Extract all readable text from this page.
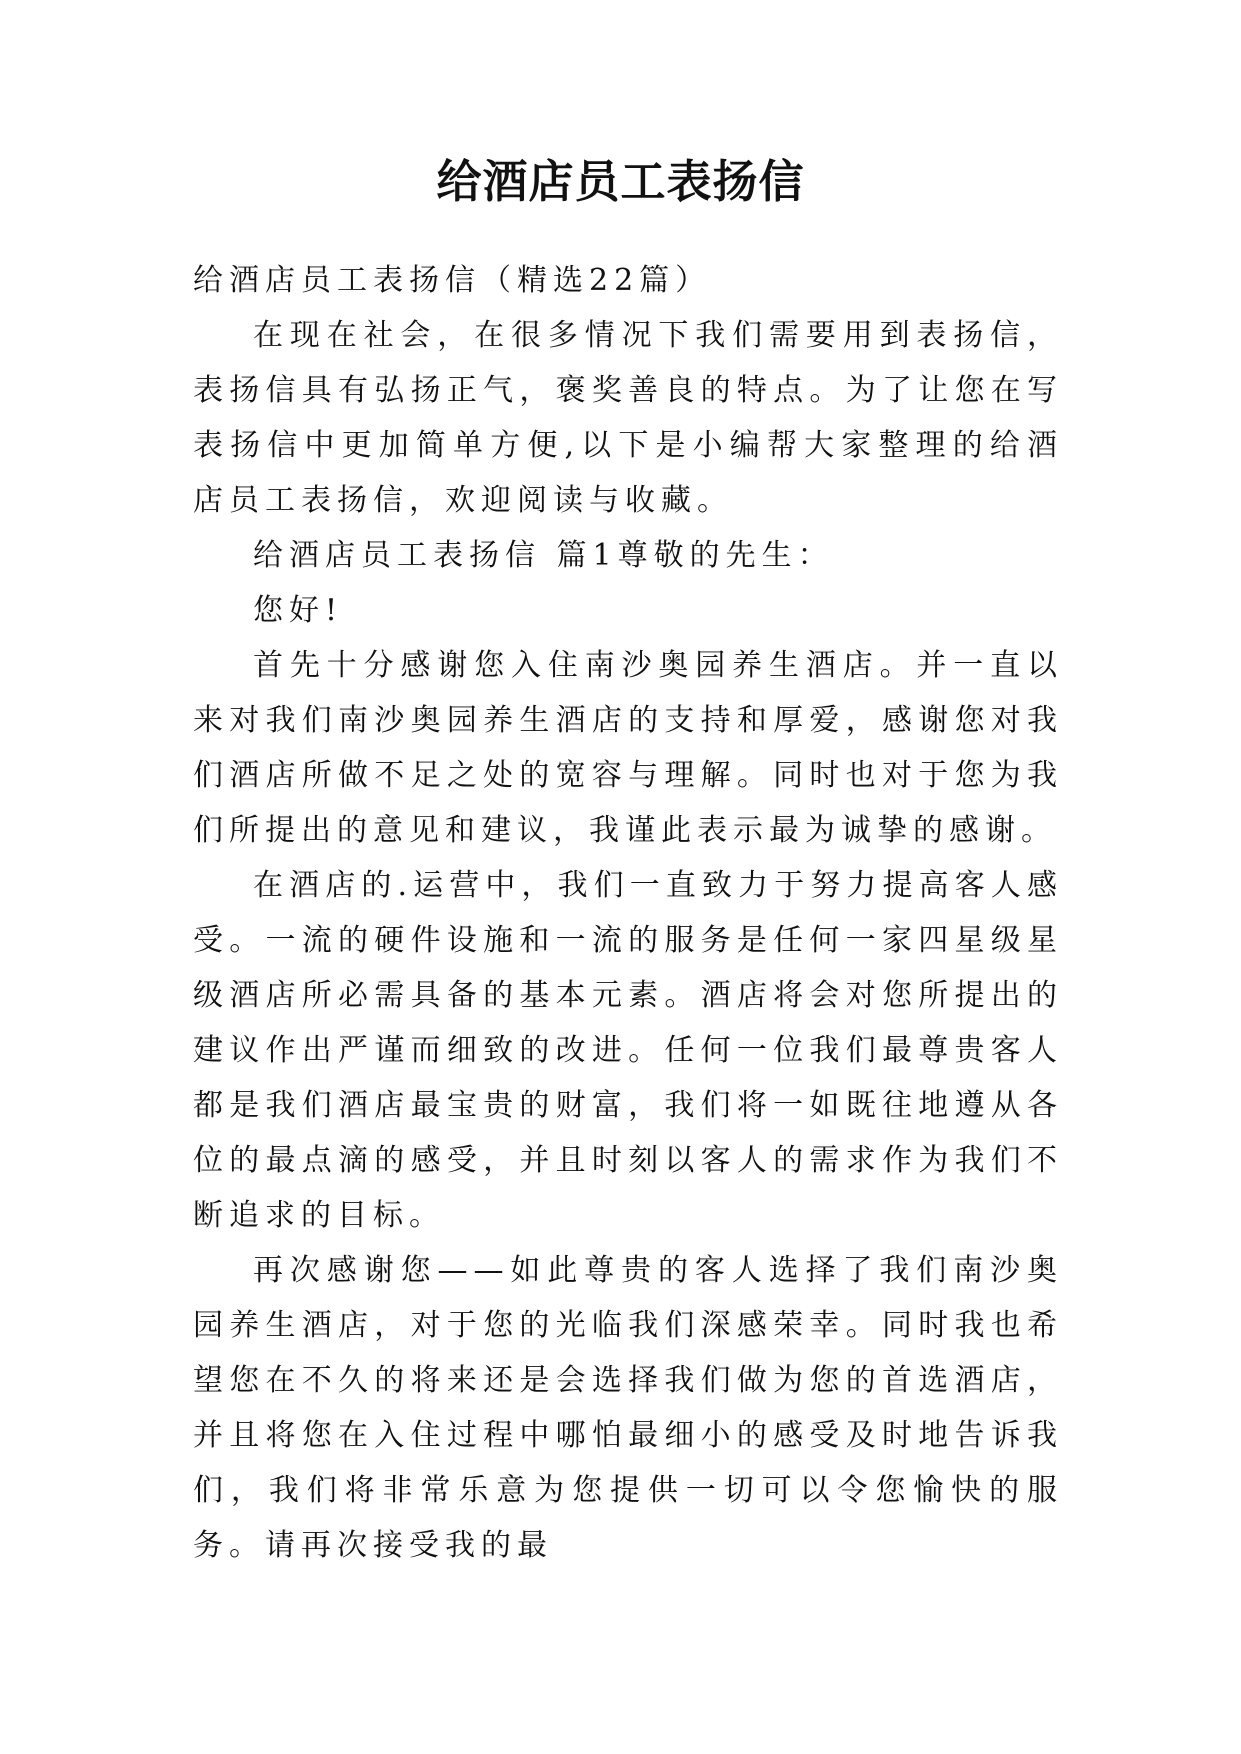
给酒店员工表扬信

给酒店员工表扬信（精选22篇）

在现在社会，在很多情况下我们需要用到表扬信，表扬信具有弘扬正气，褒奖善良的特点。为了让您在写表扬信中更加简单方便,以下是小编帮大家整理的给酒店员工表扬信，欢迎阅读与收藏。

给酒店员工表扬信 篇1尊敬的先生：

您好!

首先十分感谢您入住南沙奥园养生酒店。并一直以来对我们南沙奥园养生酒店的支持和厚爱，感谢您对我们酒店所做不足之处的宽容与理解。同时也对于您为我们所提出的意见和建议，我谨此表示最为诚挚的感谢。

在酒店的.运营中，我们一直致力于努力提高客人感受。一流的硬件设施和一流的服务是任何一家四星级星级酒店所必需具备的基本元素。酒店将会对您所提出的建议作出严谨而细致的改进。任何一位我们最尊贵客人都是我们酒店最宝贵的财富，我们将一如既往地遵从各位的最点滴的感受，并且时刻以客人的需求作为我们不断追求的目标。

再次感谢您——如此尊贵的客人选择了我们南沙奥园养生酒店，对于您的光临我们深感荣幸。同时我也希望您在不久的将来还是会选择我们做为您的首选酒店，并且将您在入住过程中哪怕最细小的感受及时地告诉我们，我们将非常乐意为您提供一切可以令您愉快的服务。请再次接受我的最
